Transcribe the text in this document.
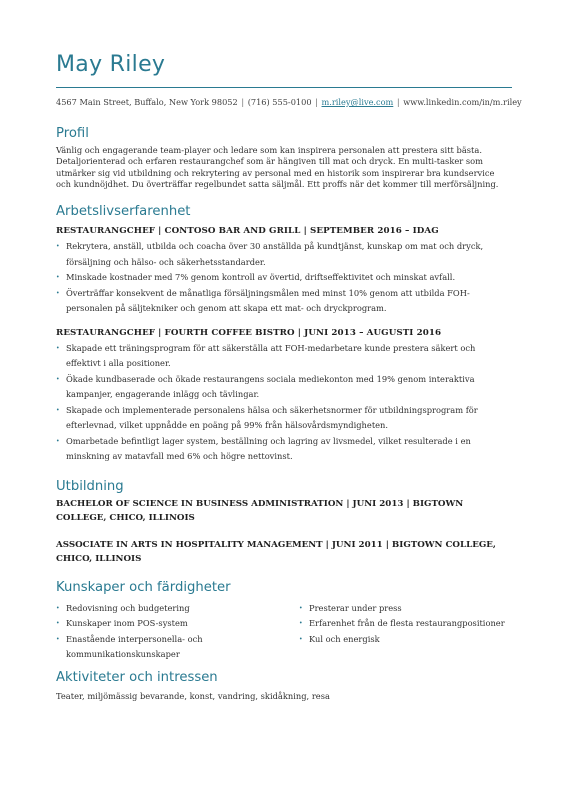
May Riley
4567 Main Street, Buffalo, New York 98052 | (716) 555-0100 | m.riley@live.com | www.linkedin.com/in/m.riley
Profil
Vänlig och engagerande team-player och ledare som kan inspirera personalen att prestera sitt bästa. Detaljorienterad och erfaren restaurangchef som är hängiven till mat och dryck. En multi-tasker som utmärker sig vid utbildning och rekrytering av personal med en historik som inspirerar bra kundservice och kundnöjdhet. Du överträffar regelbundet satta säljmål. Ett proffs när det kommer till merförsäljning.
Arbetslivserfarenhet
RESTAURANGCHEF | CONTOSO BAR AND GRILL | SEPTEMBER 2016 – IDAG
• Rekrytera, anställ, utbilda och coacha över 30 anställda på kundtjänst, kunskap om mat och dryck, försäljning och hälso- och säkerhetsstandarder.
• Minskade kostnader med 7% genom kontroll av övertid, driftseffektivitet och minskat avfall.
• Överträffar konsekvent de månatliga försäljningsmålen med minst 10% genom att utbilda FOH-personalen på säljtekniker och genom att skapa ett mat- och dryckprogram.
RESTAURANGCHEF | FOURTH COFFEE BISTRO | JUNI 2013 – AUGUSTI 2016
• Skapade ett träningsprogram för att säkerställa att FOH-medarbetare kunde prestera säkert och effektivt i alla positioner.
• Ökade kundbaserade och ökade restaurangens sociala mediekonton med 19% genom interaktiva kampanjer, engagerande inlägg och tävlingar.
• Skapade och implementerade personalens hälsa och säkerhetsnormer för utbildningsprogram för efterlevnad, vilket uppnådde en poäng på 99% från hälsovårdsmyndigheten.
• Omarbetade befintligt lager system, beställning och lagring av livsmedel, vilket resulterade i en minskning av matavfall med 6% och högre nettovinst.
Utbildning
BACHELOR OF SCIENCE IN BUSINESS ADMINISTRATION | JUNI 2013 | BIGTOWN COLLEGE, CHICO, ILLINOIS
ASSOCIATE IN ARTS IN HOSPITALITY MANAGEMENT | JUNI 2011 | BIGTOWN COLLEGE, CHICO, ILLINOIS
Kunskaper och färdigheter
• Redovisning och budgetering
• Kunskaper inom POS-system
• Enastående interpersonella- och kommunikationskunskaper
• Presterar under press
• Erfarenhet från de flesta restaurangpositioner
• Kul och energisk
Aktiviteter och intressen
Teater, miljömässig bevarande, konst, vandring, skidåkning, resa
